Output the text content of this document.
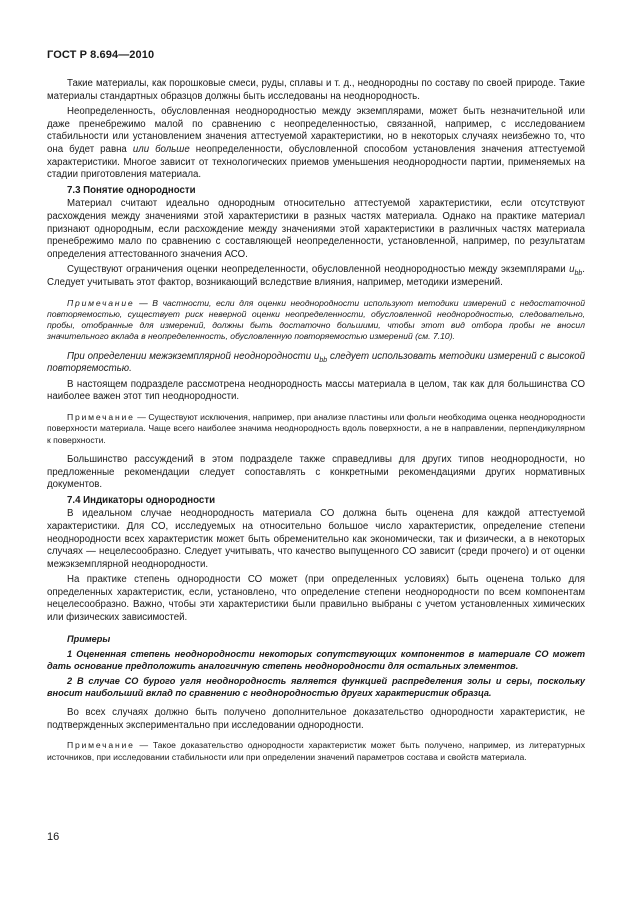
ГОСТ Р 8.694—2010

Такие материалы, как порошковые смеси, руды, сплавы и т. д., неоднородны по составу по своей природе. Такие материалы стандартных образцов должны быть исследованы на неоднородность.

Неопределенность, обусловленная неоднородностью между экземплярами, может быть незначительной или даже пренебрежимо малой по сравнению с неопределенностью, связанной, например, с исследованием стабильности или установлением значения аттестуемой характеристики, но в некоторых случаях неизбежно то, что она будет равна или больше неопределенности, обусловленной способом установления значения аттестуемой характеристики. Многое зависит от технологических приемов уменьшения неоднородности партии, применяемых на стадии приготовления материала.

7.3 Понятие однородности

Материал считают идеально однородным относительно аттестуемой характеристики, если отсутствуют расхождения между значениями этой характеристики в разных частях материала. Однако на практике материал признают однородным, если расхождение между значениями этой характеристики в различных частях материала пренебрежимо мало по сравнению с составляющей неопределенности, установленной, например, по результатам определения аттестованного значения АСО.

Существуют ограничения оценки неопределенности, обусловленной неоднородностью между экземплярами $u_{bb}$. Следует учитывать этот фактор, возникающий вследствие влияния, например, методики измерений.

Примечание — В частности, если для оценки неоднородности используют методики измерений с недостаточной повторяемостью, существует риск неверной оценки неопределенности, обусловленной неоднородностью, следовательно, пробы, отобранные для измерений, должны быть достаточно большими, чтобы этот вид отбора пробы не вносил значительного вклада в неопределенность, обусловленную повторяемостью измерений (см. 7.10).

При определении межэкземплярной неоднородности $u_{bb}$ следует использовать методики измерений с высокой повторяемостью.

В настоящем подразделе рассмотрена неоднородность массы материала в целом, так как для большинства СО наиболее важен этот тип неоднородности.

Примечание — Существуют исключения, например, при анализе пластины или фольги необходима оценка неоднородности поверхности материала. Чаще всего наиболее значима неоднородность вдоль поверхности, а не в направлении, перпендикулярном к поверхности.

Большинство рассуждений в этом подразделе также справедливы для других типов неоднородности, но предложенные рекомендации следует сопоставлять с конкретными рекомендациями других нормативных документов.

7.4 Индикаторы однородности

В идеальном случае неоднородность материала СО должна быть оценена для каждой аттестуемой характеристики. Для СО, исследуемых на относительно большое число характеристик, определение степени неоднородности всех характеристик может быть обременительно как экономически, так и физически, а в некоторых случаях — нецелесообразно. Следует учитывать, что качество выпущенного СО зависит (среди прочего) и от оценки межэкземплярной неоднородности.

На практике степень однородности СО может (при определенных условиях) быть оценена только для определенных характеристик, если, установлено, что определение степени неоднородности по всем компонентам нецелесообразно. Важно, чтобы эти характеристики были правильно выбраны с учетом установленных химических или физических зависимостей.

Примеры

1 Оцененная степень неоднородности некоторых сопутствующих компонентов в материале СО может дать основание предположить аналогичную степень неоднородности для остальных элементов.

2 В случае СО бурого угля неоднородность является функцией распределения золы и серы, поскольку вносит наибольший вклад по сравнению с неоднородностью других характеристик образца.

Во всех случаях должно быть получено дополнительное доказательство однородности характеристик, не подтвержденных экспериментально при исследовании однородности.

Примечание — Такое доказательство однородности характеристик может быть получено, например, из литературных источников, при исследовании стабильности или при определении значений параметров состава и свойств материала.

16
